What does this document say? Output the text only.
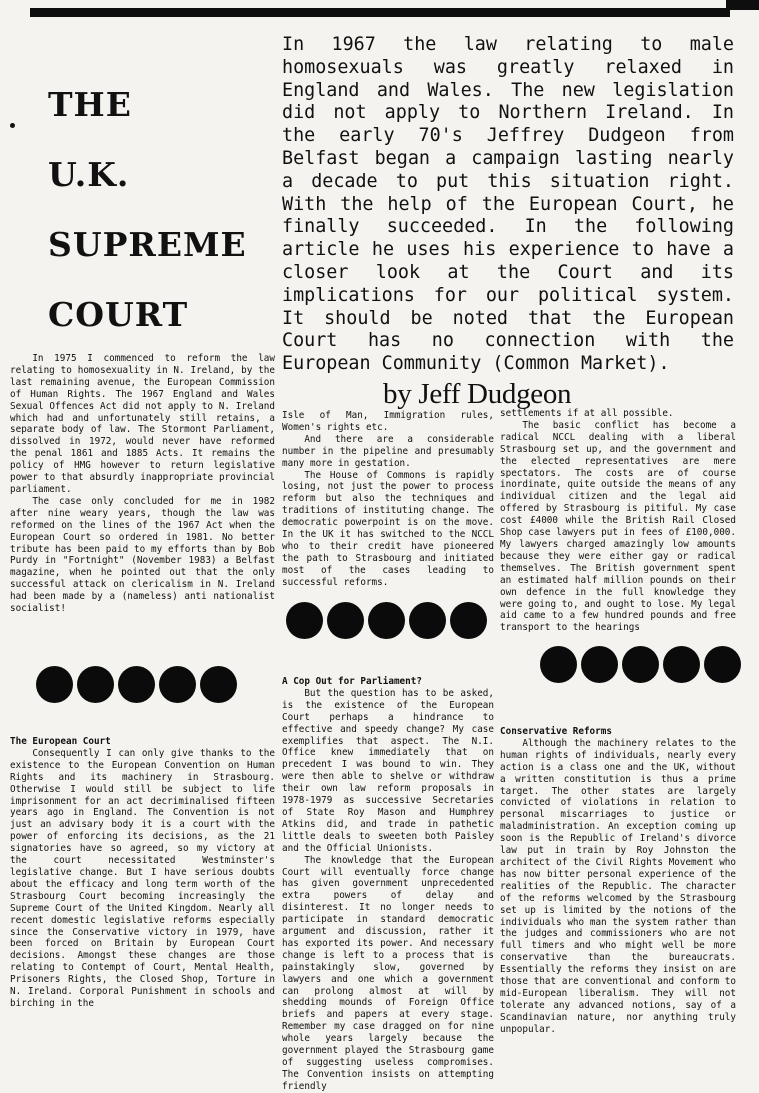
THE
U.K.
SUPREME
COURT
In 1967 the law relating to male homosexuals was greatly relaxed in England and Wales. The new legislation did not apply to Northern Ireland. In the early 70's Jeffrey Dudgeon from Belfast began a campaign lasting nearly a decade to put this situation right. With the help of the European Court, he finally succeeded. In the following article he uses his experience to have a closer look at the Court and its implications for our political system. It should be noted that the European Court has no connection with the European Community (Common Market).
by Jeff Dudgeon

In 1975 I commenced to reform the law relating to homosexuality in N. Ireland, by the last remaining avenue, the European Commission of Human Rights. The 1967 England and Wales Sexual Offences Act did not apply to N. Ireland which had and unfortunately still retains, a separate body of law. The Stormont Parliament, dissolved in 1972, would never have reformed the penal 1861 and 1885 Acts. It remains the policy of HMG however to return legislative power to that absurdly inappropriate provincial parliament.

The case only concluded for me in 1982 after nine weary years, though the law was reformed on the lines of the 1967 Act when the European Court so ordered in 1981. No better tribute has been paid to my efforts than by Bob Purdy in "Fortnight" (November 1983) a Belfast magazine, when he pointed out that the only successful attack on clericalism in N. Ireland had been made by a (nameless) anti nationalist socialist!

The European Court

Consequently I can only give thanks to the existence to the European Convention on Human Rights and its machinery in Strasbourg. Otherwise I would still be subject to life imprisonment for an act decriminalised fifteen years ago in England. The Convention is not just an advisary body it is a court with the power of enforcing its decisions, as the 21 signatories have so agreed, so my victory at the court necessitated Westminster's legislative change. But I have serious doubts about the efficacy and long term worth of the Strasbourg Court becoming increasingly the Supreme Court of the United Kingdom. Nearly all recent domestic legislative reforms especially since the Conservative victory in 1979, have been forced on Britain by European Court decisions. Amongst these changes are those relating to Contempt of Court, Mental Health, Prisoners Rights, the Closed Shop, Torture in N. Ireland. Corporal Punishment in schools and birching in the

Isle of Man, Immigration rules, Women's rights etc.

And there are a considerable number in the pipeline and presumably many more in gestation.

The House of Commons is rapidly losing, not just the power to process reform but also the techniques and traditions of instituting change. The democratic powerpoint is on the move. In the UK it has switched to the NCCL who to their credit have pioneered the path to Strasbourg and initiated most of the cases leading to successful reforms.

A Cop Out for Parliament?

But the question has to be asked, is the existence of the European Court perhaps a hindrance to effective and speedy change? My case exemplifies that aspect. The N.I. Office knew immediately that on precedent I was bound to win. They were then able to shelve or withdraw their own law reform proposals in 1978-1979 as successive Secretaries of State Roy Mason and Humphrey Atkins did, and trade in pathetic little deals to sweeten both Paisley and the Official Unionists.

The knowledge that the European Court will eventually force change has given government unprecedented extra powers of delay and disinterest. It no longer needs to participate in standard democratic argument and discussion, rather it has exported its power. And necessary change is left to a process that is painstakingly slow, governed by lawyers and one which a government can prolong almost at will by shedding mounds of Foreign Office briefs and papers at every stage. Remember my case dragged on for nine whole years largely because the government played the Strasbourg game of suggesting useless compromises. The Convention insists on attempting friendly

settlements if at all possible.

The basic conflict has become a radical NCCL dealing with a liberal Strasbourg set up, and the government and the elected representatives are mere spectators. The costs are of course inordinate, quite outside the means of any individual citizen and the legal aid offered by Strasbourg is pitiful. My case cost £4000 while the British Rail Closed Shop case lawyers put in fees of £100,000. My lawyers charged amazingly low amounts because they were either gay or radical themselves. The British government spent an estimated half million pounds on their own defence in the full knowledge they were going to, and ought to lose. My legal aid came to a few hundred pounds and free transport to the hearings

Conservative Reforms

Although the machinery relates to the human rights of individuals, nearly every action is a class one and the UK, without a written constitution is thus a prime target. The other states are largely convicted of violations in relation to personal miscarriages to justice or maladministration. An exception coming up soon is the Republic of Ireland's divorce law put in train by Roy Johnston the architect of the Civil Rights Movement who has now bitter personal experience of the realities of the Republic. The character of the reforms welcomed by the Strasbourg set up is limited by the notions of the individuals who man the system rather than the judges and commissioners who are not full timers and who might well be more conservative than the bureaucrats. Essentially the reforms they insist on are those that are conventional and conform to mid-European liberalism. They will not tolerate any advanced notions, say of a Scandinavian nature, nor anything truly unpopular.
